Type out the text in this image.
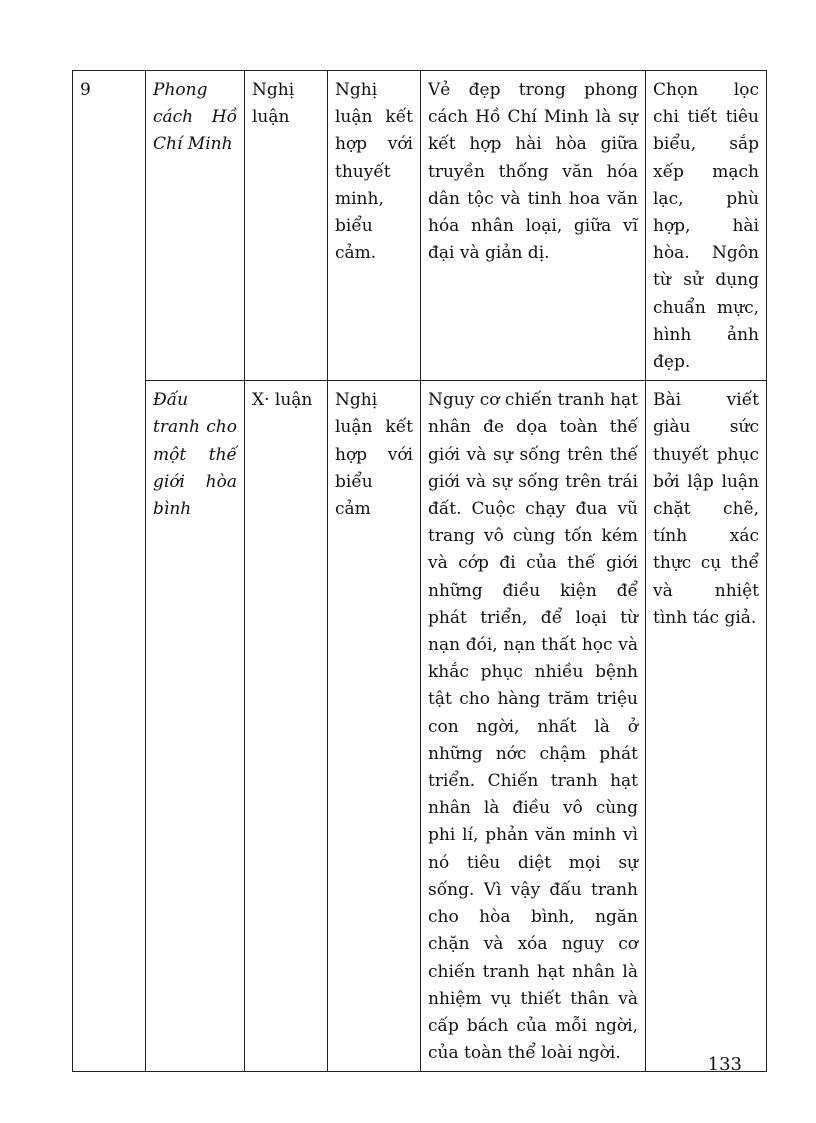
9	Phong cách Hồ Chí Minh	Nghị luận	Nghị luận kết hợp với thuyết minh, biểu cảm.	Vẻ đẹp trong phong cách Hồ Chí Minh là sự kết hợp hài hòa giữa truyền thống văn hóa dân tộc và tinh hoa văn hóa nhân loại, giữa vĩ đại và giản dị.	Chọn lọc chi tiết tiêu biểu, sắp xếp mạch lạc, phù hợp, hài hòa. Ngôn từ sử dụng chuẩn mực, hình ảnh đẹp.
	Đấu tranh cho một thế giới hòa bình	X· luận	Nghị luận kết hợp với biểu cảm	Nguy cơ chiến tranh hạt nhân đe dọa toàn thế giới và sự sống trên thế giới và sự sống trên trái đất. Cuộc chạy đua vũ trang vô cùng tốn kém và cớp đi của thế giới những điều kiện để phát triển, để loại từ nạn đói, nạn thất học và khắc phục nhiều bệnh tật cho hàng trăm triệu con ngời, nhất là ở những nớc chậm phát triển. Chiến tranh hạt nhân là điều vô cùng phi lí, phản văn minh vì nó tiêu diệt mọi sự sống. Vì vậy đấu tranh cho hòa bình, ngăn chặn và xóa nguy cơ chiến tranh hạt nhân là nhiệm vụ thiết thân và cấp bách của mỗi ngời, của toàn thể loài ngời.	Bài viết giàu sức thuyết phục bởi lập luận chặt chẽ, tính xác thực cụ thể và nhiệt tình tác giả.
133
